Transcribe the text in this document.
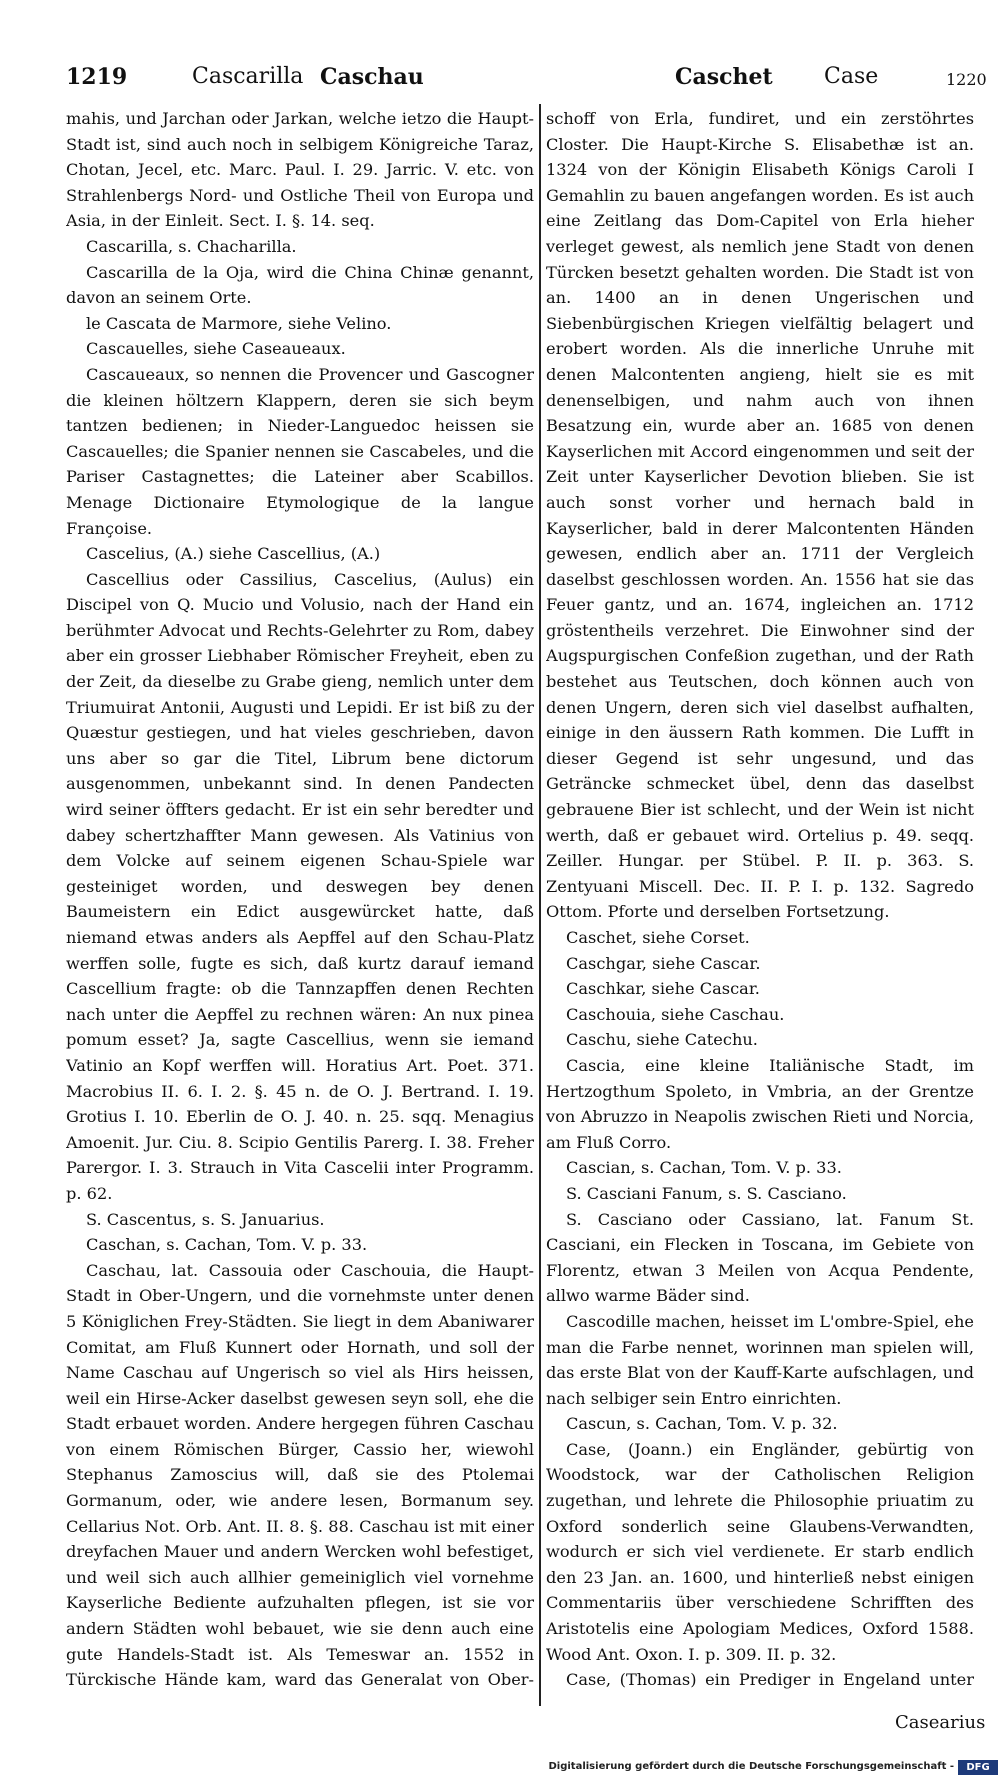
1219	Cascarilla Caschau	Caschet Case	1220

mahis, und Jarchan oder Jarkan, welche ietzo die Haupt-Stadt ist, sind auch noch in selbigem Königreiche Taraz, Chotan, Jecel, etc. Marc. Paul. I. 29. Jarric. V. etc. von Strahlenbergs Nord- und Ostliche Theil von Europa und Asia, in der Einleit. Sect. I. §. 14. seq.

Cascarilla, s. Chacharilla.

Cascarilla de la Oja, wird die China Chinæ genannt, davon an seinem Orte.

le Cascata de Marmore, siehe Velino.

Cascauelles, siehe Caseaueaux.

Cascaueaux, so nennen die Provencer und Gascogner die kleinen höltzern Klappern, deren sie sich beym tantzen bedienen; in Nieder-Languedoc heissen sie Cascauelles; die Spanier nennen sie Cascabeles, und die Pariser Castagnettes; die Lateiner aber Scabillos. Menage Dictionaire Etymologique de la langue Françoise.

Cascelius, (A.) siehe Cascellius, (A.)

Cascellius oder Cassilius, Cascelius, (Aulus) ein Discipel von Q. Mucio und Volusio, nach der Hand ein berühmter Advocat und Rechts-Gelehrter zu Rom, dabey aber ein grosser Liebhaber Römischer Freyheit, eben zu der Zeit, da dieselbe zu Grabe gieng, nemlich unter dem Triumuirat Antonii, Augusti und Lepidi. Er ist biß zu der Quæstur gestiegen, und hat vieles geschrieben, davon uns aber so gar die Titel, Librum bene dictorum ausgenommen, unbekannt sind. In denen Pandecten wird seiner öffters gedacht. Er ist ein sehr beredter und dabey schertzhaffter Mann gewesen. Als Vatinius von dem Volcke auf seinem eigenen Schau-Spiele war gesteiniget worden, und deswegen bey denen Baumeistern ein Edict ausgewürcket hatte, daß niemand etwas anders als Aepffel auf den Schau-Platz werffen solle, fugte es sich, daß kurtz darauf iemand Cascellium fragte: ob die Tannzapffen denen Rechten nach unter die Aepffel zu rechnen wären: An nux pinea pomum esset? Ja, sagte Cascellius, wenn sie iemand Vatinio an Kopf werffen will. Horatius Art. Poet. 371. Macrobius II. 6. I. 2. §. 45 n. de O. J. Bertrand. I. 19. Grotius I. 10. Eberlin de O. J. 40. n. 25. sqq. Menagius Amoenit. Jur. Ciu. 8. Scipio Gentilis Parerg. I. 38. Freher Parergor. I. 3. Strauch in Vita Cascelii inter Programm. p. 62.

S. Cascentus, s. S. Januarius.

Caschan, s. Cachan, Tom. V. p. 33.

Caschau, lat. Cassouia oder Caschouia, die Haupt-Stadt in Ober-Ungern, und die vornehmste unter denen 5 Königlichen Frey-Städten. Sie liegt in dem Abaniwarer Comitat, am Fluß Kunnert oder Hornath, und soll der Name Caschau auf Ungerisch so viel als Hirs heissen, weil ein Hirse-Acker daselbst gewesen seyn soll, ehe die Stadt erbauet worden. Andere hergegen führen Caschau von einem Römischen Bürger, Cassio her, wiewohl Stephanus Zamoscius will, daß sie des Ptolemai Gormanum, oder, wie andere lesen, Bormanum sey. Cellarius Not. Orb. Ant. II. 8. §. 88. Caschau ist mit einer dreyfachen Mauer und andern Wercken wohl befestiget, und weil sich auch allhier gemeiniglich viel vornehme Kayserliche Bediente aufzuhalten pflegen, ist sie vor andern Städten wohl bebauet, wie sie denn auch eine gute Handels-Stadt ist. Als Temeswar an. 1552 in Türckische Hände kam, ward das Generalat von Ober-

schoff von Erla, fundiret, und ein zerstöhrtes Closter. Die Haupt-Kirche S. Elisabethæ ist an. 1324 von der Königin Elisabeth Königs Caroli I Gemahlin zu bauen angefangen worden. Es ist auch eine Zeitlang das Dom-Capitel von Erla hieher verleget gewest, als nemlich jene Stadt von denen Türcken besetzt gehalten worden. Die Stadt ist von an. 1400 an in denen Ungerischen und Siebenbürgischen Kriegen vielfältig belagert und erobert worden. Als die innerliche Unruhe mit denen Malcontenten angieng, hielt sie es mit denenselbigen, und nahm auch von ihnen Besatzung ein, wurde aber an. 1685 von denen Kayserlichen mit Accord eingenommen und seit der Zeit unter Kayserlicher Devotion blieben. Sie ist auch sonst vorher und hernach bald in Kayserlicher, bald in derer Malcontenten Händen gewesen, endlich aber an. 1711 der Vergleich daselbst geschlossen worden. An. 1556 hat sie das Feuer gantz, und an. 1674, ingleichen an. 1712 gröstentheils verzehret. Die Einwohner sind der Augspurgischen Confeßion zugethan, und der Rath bestehet aus Teutschen, doch können auch von denen Ungern, deren sich viel daselbst aufhalten, einige in den äussern Rath kommen. Die Lufft in dieser Gegend ist sehr ungesund, und das Geträncke schmecket übel, denn das daselbst gebrauene Bier ist schlecht, und der Wein ist nicht werth, daß er gebauet wird. Ortelius p. 49. seqq. Zeiller. Hungar. per Stübel. P. II. p. 363. S. Zentyuani Miscell. Dec. II. P. I. p. 132. Sagredo Ottom. Pforte und derselben Fortsetzung.

Caschet, siehe Corset.

Caschgar, siehe Cascar.

Caschkar, siehe Cascar.

Caschouia, siehe Caschau.

Caschu, siehe Catechu.

Cascia, eine kleine Italiänische Stadt, im Hertzogthum Spoleto, in Vmbria, an der Grentze von Abruzzo in Neapolis zwischen Rieti und Norcia, am Fluß Corro.

Cascian, s. Cachan, Tom. V. p. 33.

S. Casciani Fanum, s. S. Casciano.

S. Casciano oder Cassiano, lat. Fanum St. Casciani, ein Flecken in Toscana, im Gebiete von Florentz, etwan 3 Meilen von Acqua Pendente, allwo warme Bäder sind.

Cascodille machen, heisset im L'ombre-Spiel, ehe man die Farbe nennet, worinnen man spielen will, das erste Blat von der Kauff-Karte aufschlagen, und nach selbiger sein Entro einrichten.

Cascun, s. Cachan, Tom. V. p. 32.

Case, (Joann.) ein Engländer, gebürtig von Woodstock, war der Catholischen Religion zugethan, und lehrete die Philosophie priuatim zu Oxford sonderlich seine Glaubens-Verwandten, wodurch er sich viel verdienete. Er starb endlich den 23 Jan. an. 1600, und hinterließ nebst einigen Commentariis über verschiedene Schrifften des Aristotelis eine Apologiam Medices, Oxford 1588. Wood Ant. Oxon. I. p. 309. II. p. 32.

Case, (Thomas) ein Prediger in Engeland unter

Casearius
Digitalisierung gefördert durch die Deutsche Forschungsgemeinschaft -	DFG
